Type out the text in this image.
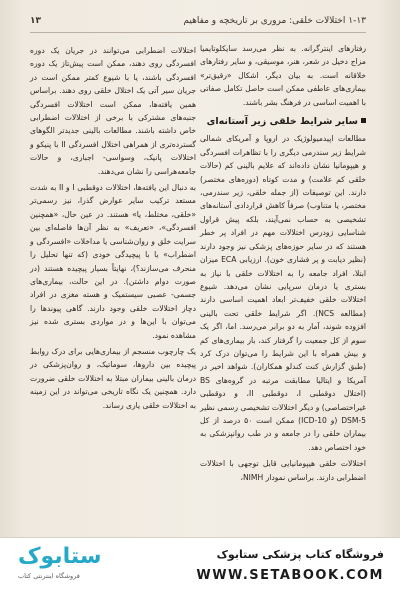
۱-۱۳ اختلالات خلقی: مروری بر تاریخچه و مفاهیم
۱۳

رفتارهای اینترگرانه. به نظر می‌رسد سایکلوتایمیا مزاج دخیل در شعر، هنر، موسیقی، و سایر رفتارهای خلاقانه است. به بیان دیگر، اشکال «رقیق‌تر» بیماری‌های عاطفی ممکن است حاصل تکامل صفاتی با اهمیت اساسی در فرهنگ بشر باشند.

سایر شرایط خلقی زیر آستانه‌ای

مطالعات اپیدمیولوژیک در اروپا و آمریکای شمالی شرایط زیر سندرمی دیگری را با تظاهرات افسردگی و هیپومانیا نشان داده‌اند که علایم بالینی کم (حالات خلقی کم علامت) و مدت کوتاه (دوره‌های مختصر) دارند. این توصیفات (از جمله خلقی، زیر سندرمی، مختصر، یا متناوب) صرفاً کاهش قراردادی آستانه‌های تشخیصی به حساب نمی‌آیند، بلکه پیش قراول شناسایی زودرس اختلالات مهم در افراد پر خطر هستند که در سایر حوزه‌های پزشکی نیز وجود دارند (نظیر دیابت و پر فشاری خون). ارزیابی ECA میزان ابتلا، افراد جامعه را به اختلالات خلقی با نیاز به بستری یا درمان سرپایی نشان می‌دهد. شیوع اختلالات خلقی خفیف‌تر ابعاد اهمیت اساسی دارند (مطالعه NCS). اگر شرایط خلقی تحت بالینی افزوده شوند، آمار به دو برابر می‌رسد. اما، اگر یک سوم از کل جمعیت را گرفتار کند، بار بیماری‌های کم و بیش همراه با این شرایط را می‌توان درک کرد (طبق گزارش کنت کندلو همکاران). شواهد اخیر در آمریکا و ایتالیا مطابقت مرتبه در گروه‌های BS (اختلال دوقطبی I، دوقطبی II، و دوقطبی غیراختصاصی) و دیگر اختلالات تشخیصی رسمی نظیر DSM-5 (و ICD-10) ممکن است ۵۰ درصد از کل بیماران خلقی را در جامعه و در طب روانپزشکی به خود اختصاص دهد.

اختلالات خلقی هیپومانیایی قابل توجهی با اختلالات اضطرابی دارند. براساس نمودار NIMH،

اختلالات اضطرابی می‌توانند در جریان یک دوره افسردگی روی دهند، ممکن است پیش‌تاز یک دوره افسردگی باشند، یا با شیوع کمتر ممکن است در جریان سیر آتی یک اختلال خلقی روی دهند. براساس همین یافته‌ها، ممکن است اختلالات افسردگی جنبه‌های مشترکی با برخی از اختلالات اضطرابی خاص داشته باشند. مطالعات بالینی جدیدتر الگوهای گسترده‌تری از همراهی اختلال افسردگی II با پنیکو و اختلالات پانیک، وسواسی- اجباری، و حالات جامعه‌هراسی را نشان می‌دهند.

به دنبال این یافته‌ها، اختلالات دوقطبی I و II به شدت مستعد ترکیب سایر عوارض گذرا، نیز رسمی‌تر «خلقی، مختلط، یا» هستند. در عین حال، «همچنین افسردگی»، «تعریف» به نظر آن‌ها فاصله‌ای بین سرایت خلق و روان‌شناسی یا مداخلات «افسردگی و اضطراب» یا با پیچیدگی خودی (که تنها تحلیل را منحرف می‌سازند؟)، نهایتاً بسیار پیچیده هستند (در صورت دوام داشتن). در این حالت، بیماری‌های جسمی- عصبی سیستمیک و هسته مغزی در افراد دچار اختلالات خلقی وجود دارند. گاهی پیوندها را می‌توان با این‌ها و در مواردی بستری شده نیز مشاهده نمود.

یک چارچوب منسجم از بیماری‌هایی برای درک روابط پیچیده بین داروها، سوماتیک، و روان‌پزشکی در درمان بالینی بیماران مبتلا به اختلالات خلقی ضرورت دارد. همچنین یک نگاه تاریخی می‌تواند در این زمینه به اختلالات خلقی یاری رساند.

ستابوک
فروشگاه اینترنتی کتاب
فروشگاه کتاب پزشکی ستابوک
WWW.SETABOOK.COM
